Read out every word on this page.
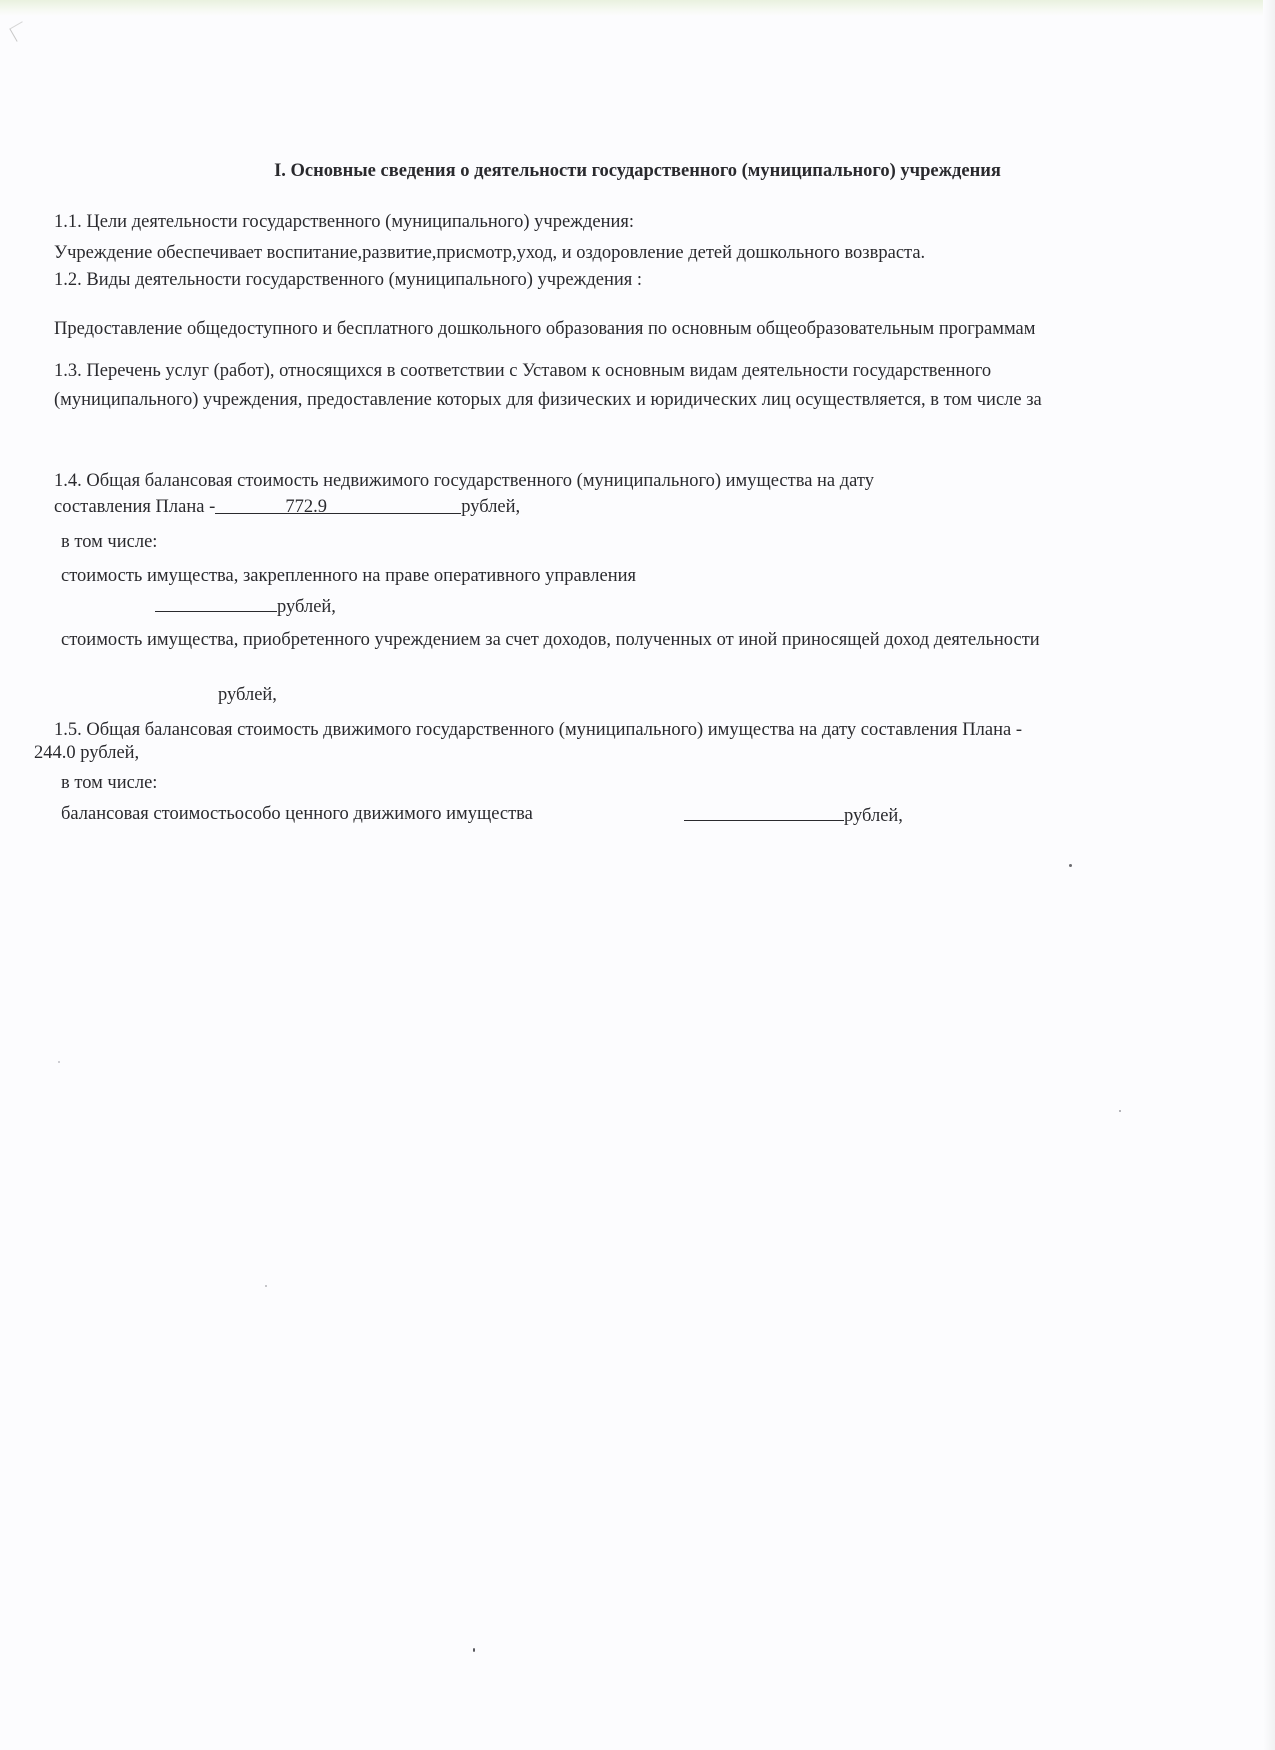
I. Основные сведения о деятельности государственного (муниципального) учреждения
1.1. Цели деятельности государственного (муниципального) учреждения:
Учреждение обеспечивает воспитание,развитие,присмотр,уход, и оздоровление детей дошкольного возвраста.
1.2. Виды деятельности государственного (муниципального) учреждения :
Предоставление общедоступного и бесплатного дошкольного образования по основным общеобразовательным программам
1.3. Перечень услуг (работ), относящихся в соответствии с Уставом к основным видам деятельности государственного
(муниципального) учреждения, предоставление которых для физических и юридических лиц осуществляется, в том числе за
1.4. Общая балансовая стоимость недвижимого государственного (муниципального) имущества на дату
составления Плана -	772.9	рублей,
в том числе:
стоимость имущества, закрепленного на праве оперативного управления
рублей,
стоимость имущества, приобретенного учреждением за счет доходов, полученных от иной приносящей доход деятельности
рублей,
1.5. Общая балансовая стоимость движимого государственного (муниципального) имущества на дату составления Плана -
244.0 рублей,
в том числе:
балансовая стоимостьособо ценного движимого имущества	рублей,
